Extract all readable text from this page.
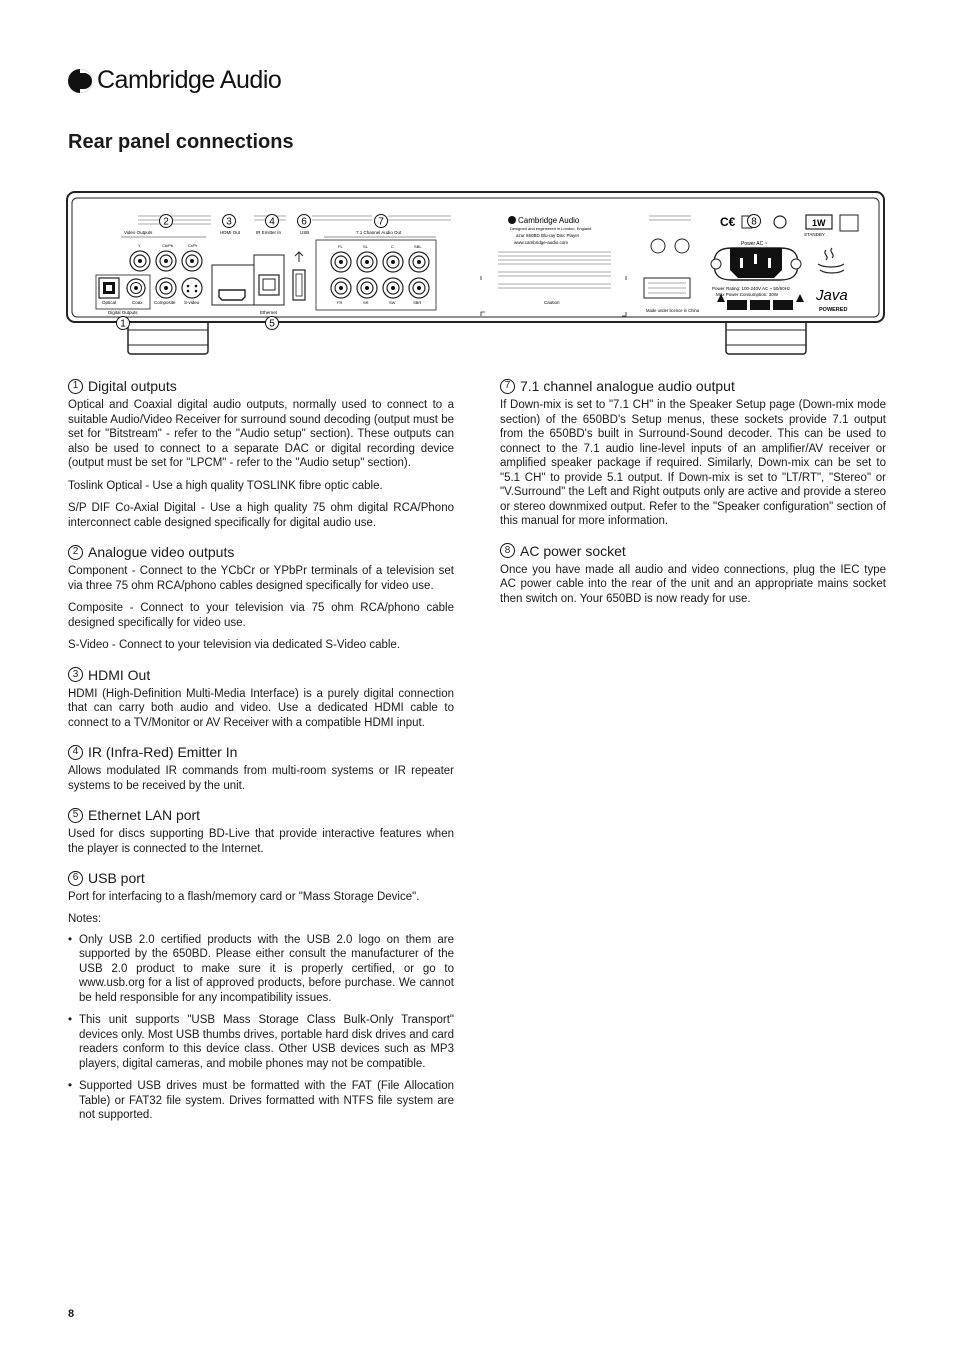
Cambridge Audio
Rear panel connections
Video Outputs	HDMI Out	IR Emitter In	USB	7.1 Channel Audio Out
Optical	Coax
Digital Outputs
Y	Cb/Pb	Cr/Pr
Composite S-video
Ethernet
FL	SL	C	SBL
FR	SR	SW	SBR
Cambridge Audio
Designed and engineered in London, England
azur 650BD Blu-ray Disc Player
www.cambridge-audio.com
Caution
Made under licence in China
C€	1W
STANDBY
Power AC ~
Power Rating: 100-240V AC ~ 50/60Hz
Max Power Consumption: 30W	Java
POWERED
1
2	3	4
5
6	7	8
1 Digital outputs

Optical and Coaxial digital audio outputs, normally used to connect to a suitable Audio/Video Receiver for surround sound decoding (output must be set for "Bitstream" - refer to the "Audio setup" section). These outputs can also be used to connect to a separate DAC or digital recording device (output must be set for "LPCM" - refer to the "Audio setup" section).

Toslink Optical - Use a high quality TOSLINK fibre optic cable.

S/P DIF Co-Axial Digital - Use a high quality 75 ohm digital RCA/Phono interconnect cable designed specifically for digital audio use.

2 Analogue video outputs

Component - Connect to the YCbCr or YPbPr terminals of a television set via three 75 ohm RCA/phono cables designed specifically for video use.

Composite - Connect to your television via 75 ohm RCA/phono cable designed specifically for video use.

S-Video - Connect to your television via dedicated S-Video cable.

3 HDMI Out

HDMI (High-Definition Multi-Media Interface) is a purely digital connection that can carry both audio and video. Use a dedicated HDMI cable to connect to a TV/Monitor or AV Receiver with a compatible HDMI input.

4 IR (Infra-Red) Emitter In

Allows modulated IR commands from multi-room systems or IR repeater systems to be received by the unit.

5 Ethernet LAN port

Used for discs supporting BD-Live that provide interactive features when the player is connected to the Internet.

6 USB port

Port for interfacing to a flash/memory card or "Mass Storage Device".

Notes:
• Only USB 2.0 certified products with the USB 2.0 logo on them are supported by the 650BD. Please either consult the manufacturer of the USB 2.0 product to make sure it is properly certified, or go to www.usb.org for a list of approved products, before purchase. We cannot be held responsible for any incompatibility issues.
• This unit supports "USB Mass Storage Class Bulk-Only Transport" devices only. Most USB thumbs drives, portable hard disk drives and card readers conform to this device class. Other USB devices such as MP3 players, digital cameras, and mobile phones may not be compatible.
• Supported USB drives must be formatted with the FAT (File Allocation Table) or FAT32 file system. Drives formatted with NTFS file system are not supported.
7 7.1 channel analogue audio output

If Down-mix is set to "7.1 CH" in the Speaker Setup page (Down-mix mode section) of the 650BD's Setup menus, these sockets provide 7.1 output from the 650BD's built in Surround-Sound decoder. This can be used to connect to the 7.1 audio line-level inputs of an amplifier/AV receiver or amplified speaker package if required. Similarly, Down-mix can be set to "5.1 CH" to provide 5.1 output. If Down-mix is set to "LT/RT", "Stereo" or "V.Surround" the Left and Right outputs only are active and provide a stereo or stereo downmixed output. Refer to the "Speaker configuration" section of this manual for more information.

8 AC power socket

Once you have made all audio and video connections, plug the IEC type AC power cable into the rear of the unit and an appropriate mains socket then switch on. Your 650BD is now ready for use.

8
